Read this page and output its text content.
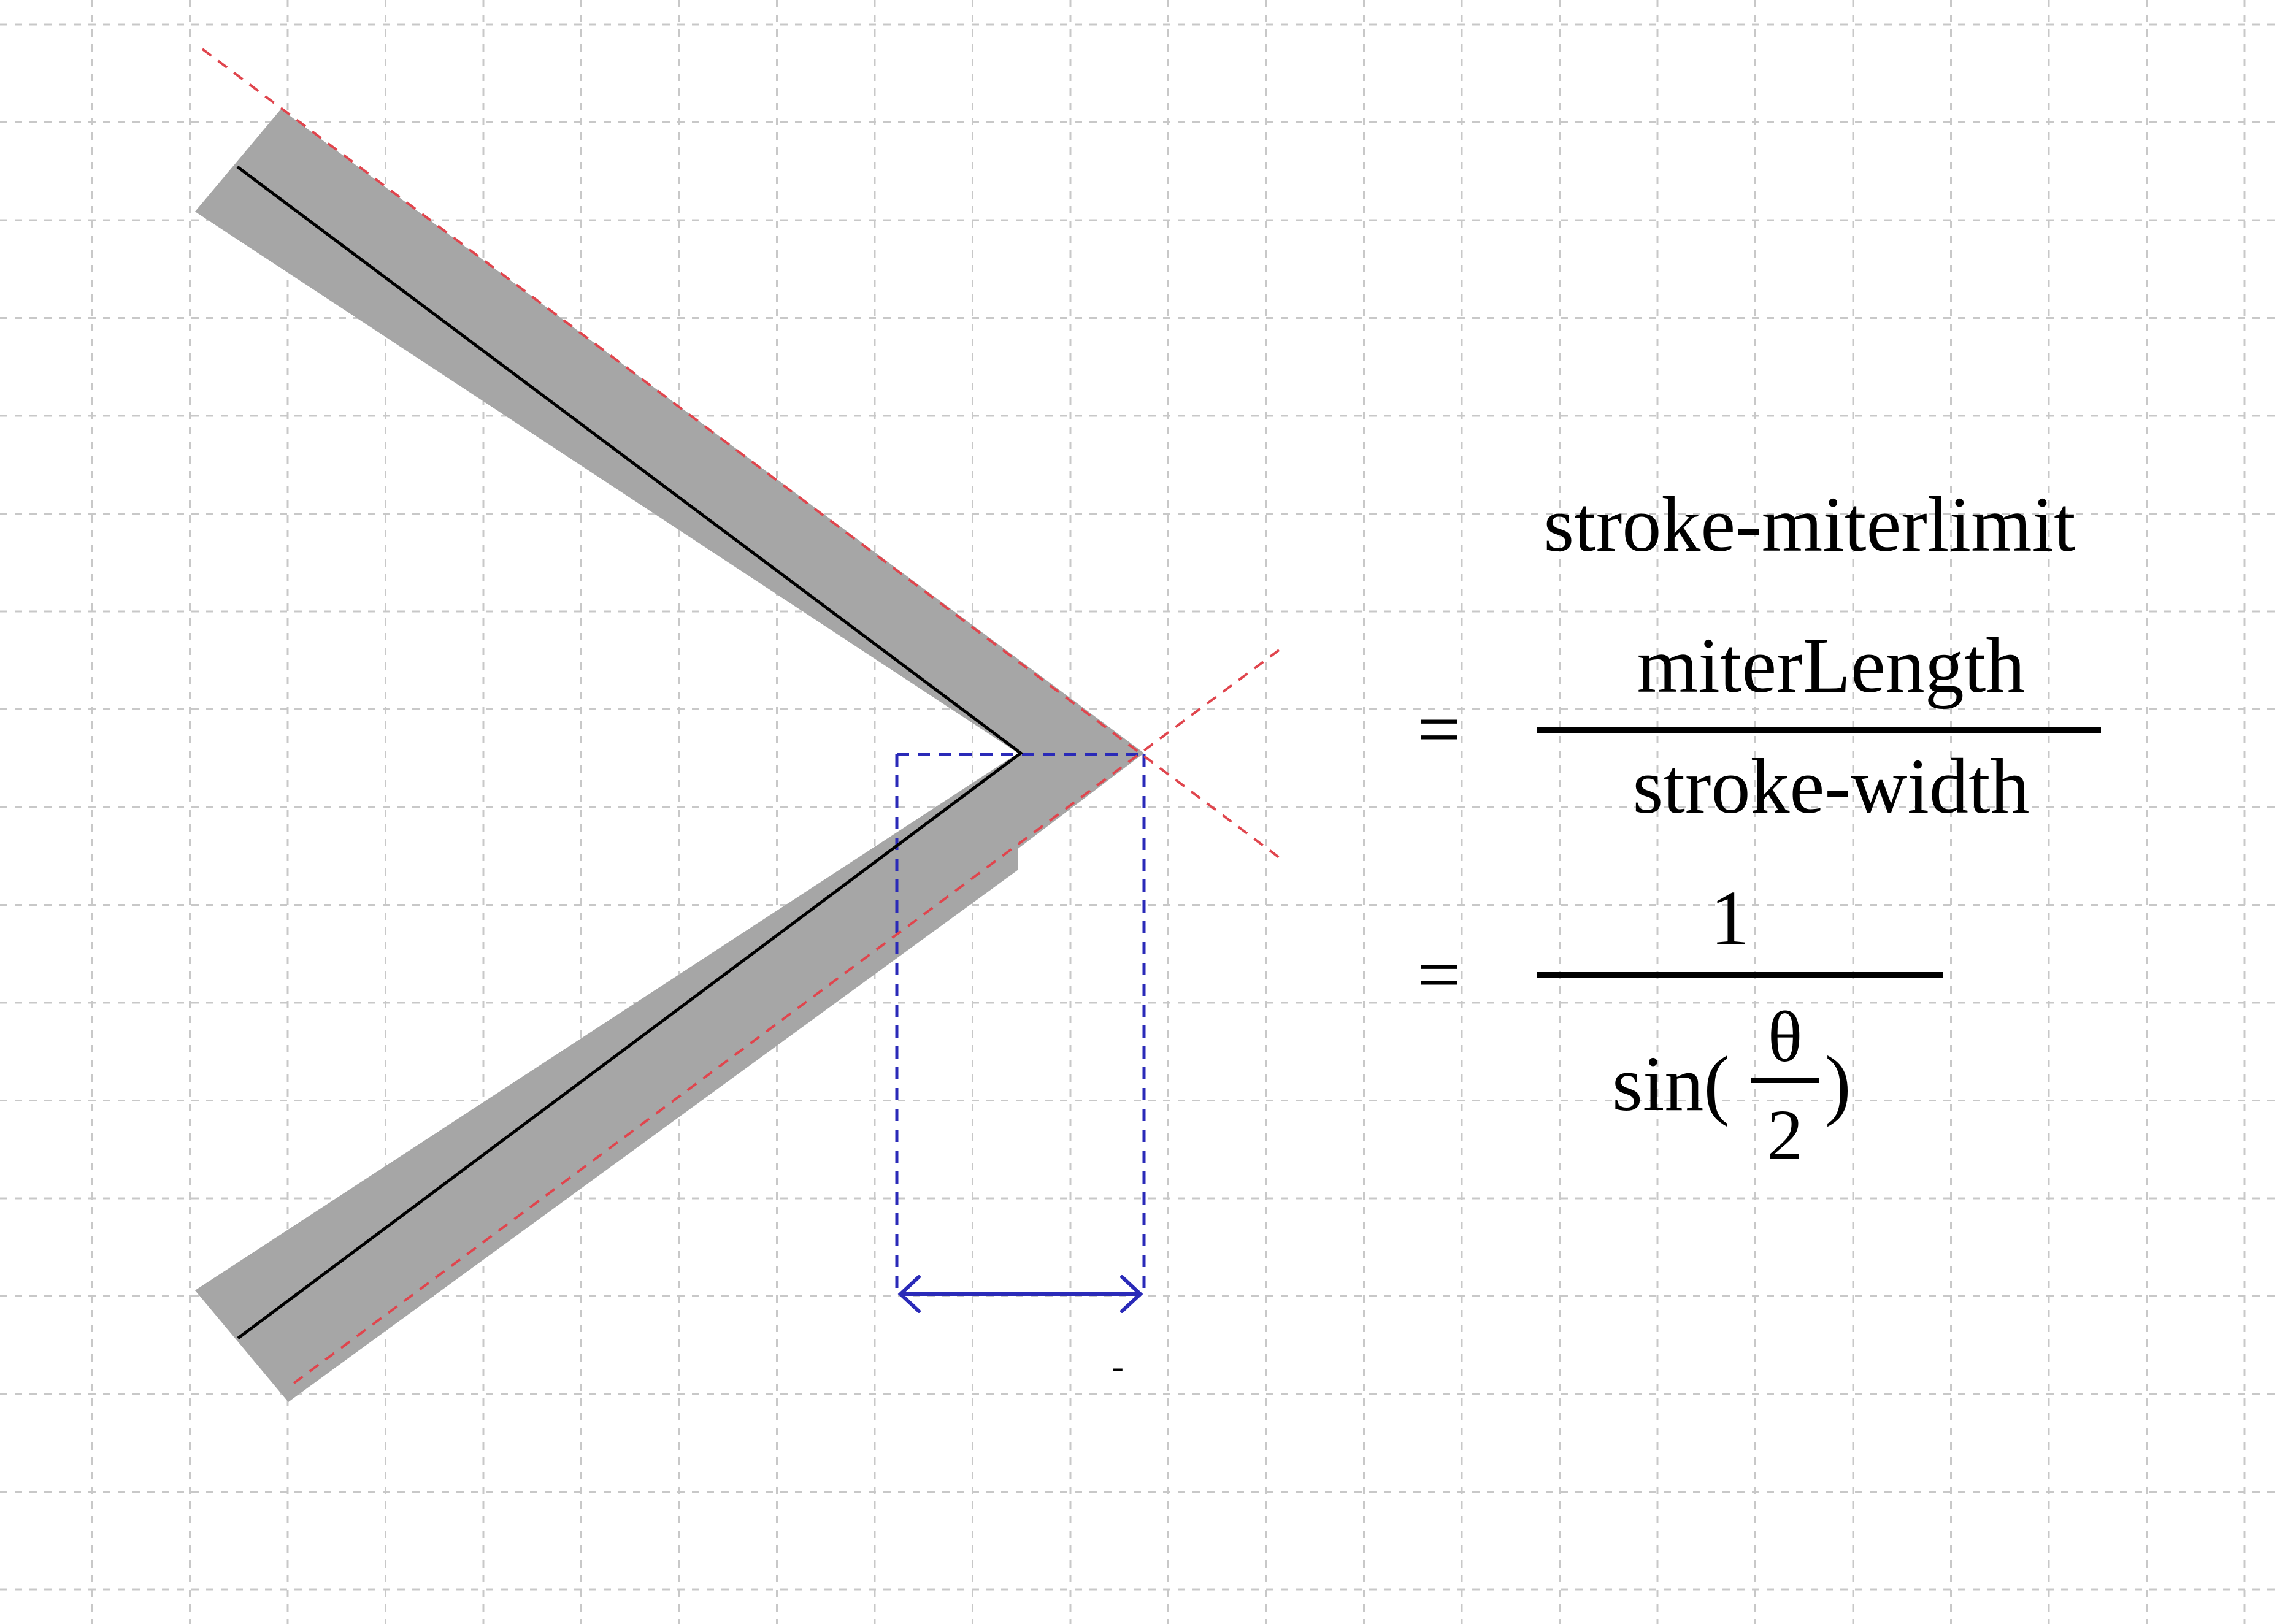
-
stroke-miterlimit
=
miterLength
stroke-width
=
1
sin(
θ
2
)
